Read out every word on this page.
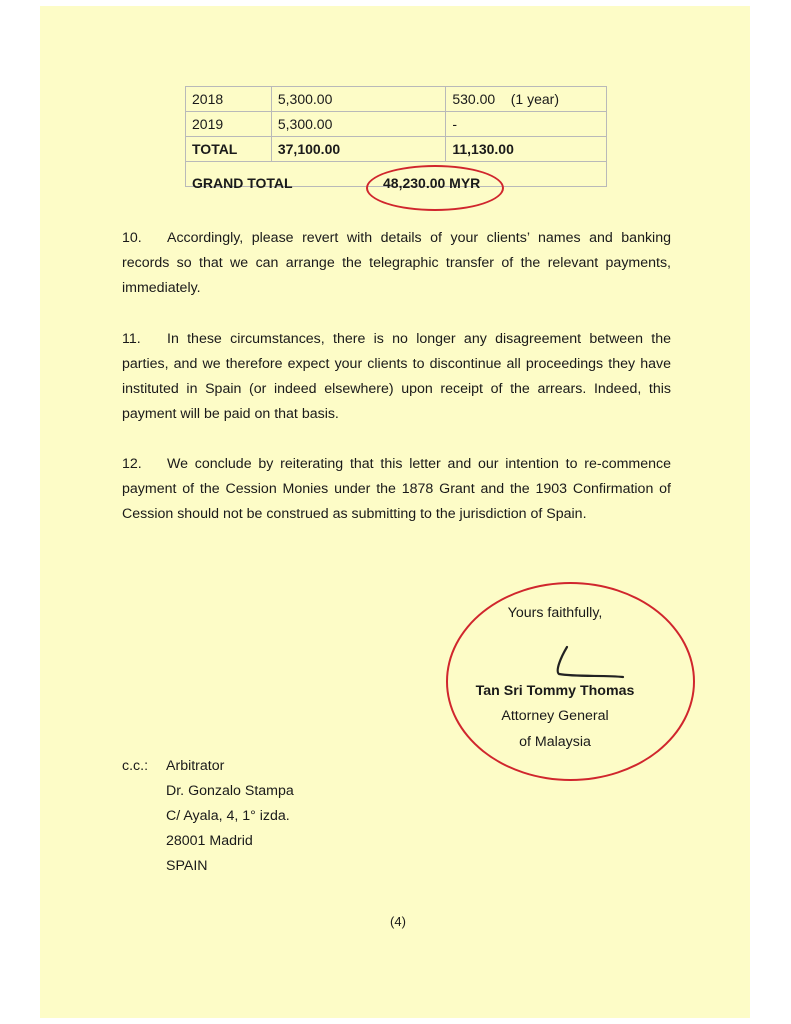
2018	5,300.00	530.00 (1 year)
2019	5,300.00	-
TOTAL	37,100.00	11,130.00

GRAND TOTAL 48,230.00 MYR		
10. Accordingly, please revert with details of your clients’ names and banking records so that we can arrange the telegraphic transfer of the relevant payments, immediately.
11. In these circumstances, there is no longer any disagreement between the parties, and we therefore expect your clients to discontinue all proceedings they have instituted in Spain (or indeed elsewhere) upon receipt of the arrears. Indeed, this payment will be paid on that basis.
12. We conclude by reiterating that this letter and our intention to re-commence payment of the Cession Monies under the 1878 Grant and the 1903 Confirmation of Cession should not be construed as submitting to the jurisdiction of Spain.
Yours faithfully,
Tan Sri Tommy Thomas
Attorney General
of Malaysia
c.c.: Arbitrator
Dr. Gonzalo Stampa
C/ Ayala, 4, 1° izda.
28001 Madrid
SPAIN
(4)
